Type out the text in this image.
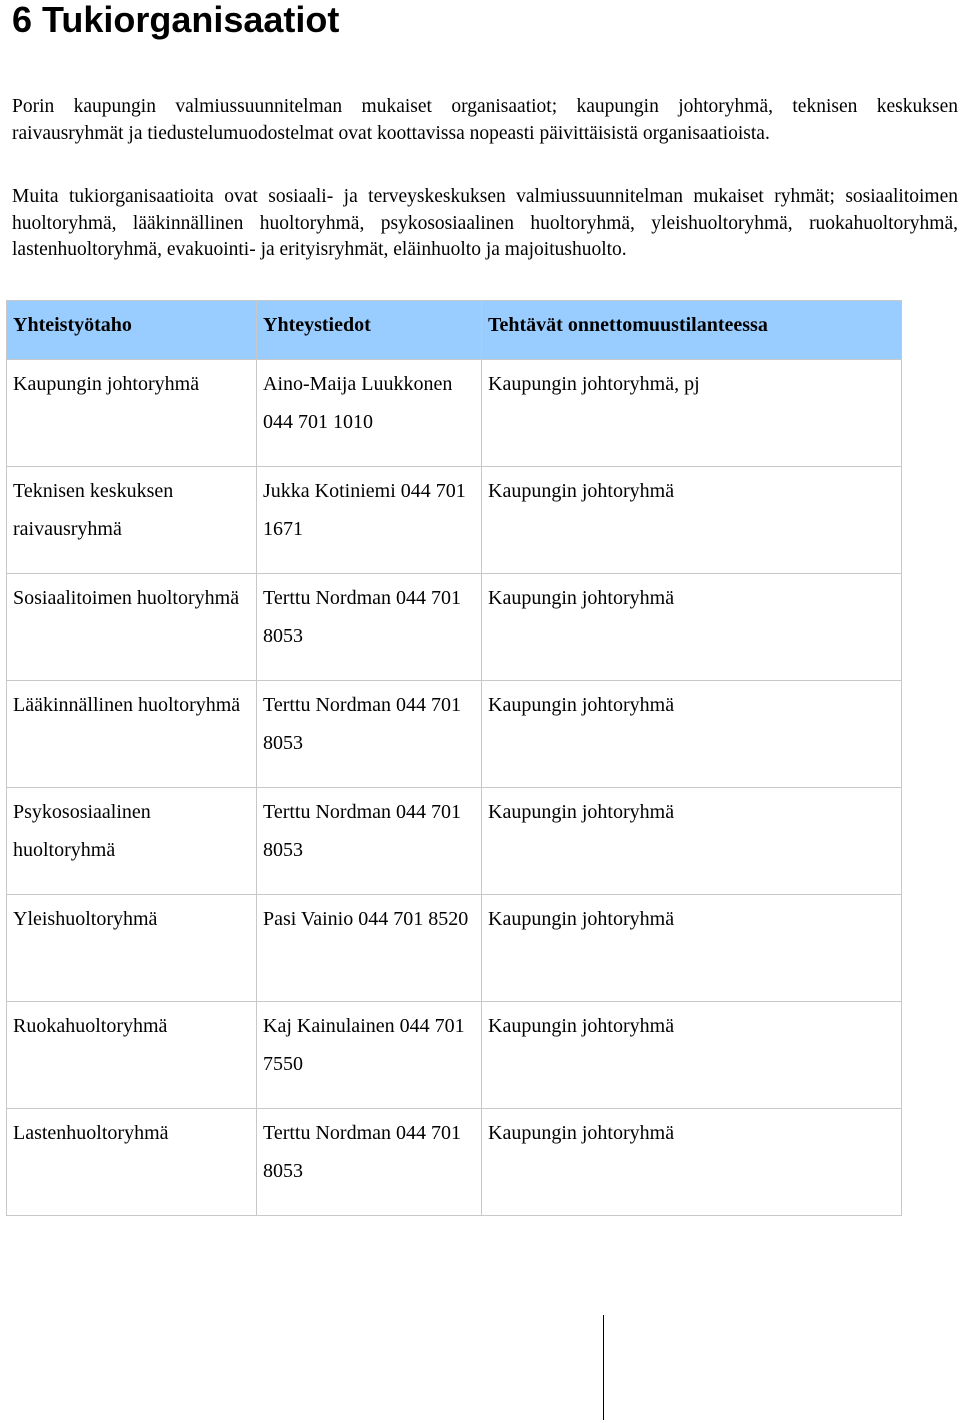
6 Tukiorganisaatiot

Porin kaupungin valmiussuunnitelman mukaiset organisaatiot; kaupungin johtoryhmä, teknisen keskuksen raivausryhmät ja tiedustelumuodostelmat ovat koottavissa nopeasti päivittäisistä organisaatioista.

Muita tukiorganisaatioita ovat sosiaali- ja terveyskeskuksen valmiussuunnitelman mukaiset ryhmät; sosiaalitoimen huoltoryhmä, lääkinnällinen huoltoryhmä, psykososiaalinen huoltoryhmä, yleishuoltoryhmä, ruokahuoltoryhmä, lastenhuoltoryhmä, evakuointi- ja erityisryhmät, eläinhuolto ja majoitushuolto.

Yhteistyötaho	Yhteystiedot	Tehtävät onnettomuustilanteessa

Kaupungin johtoryhmä	Aino-Maija Luukkonen 044 701 1010	Kaupungin johtoryhmä, pj

Teknisen keskuksen raivausryhmä	Jukka Kotiniemi 044 701 1671	Kaupungin johtoryhmä

Sosiaalitoimen huoltoryhmä	Terttu Nordman 044 701 8053	Kaupungin johtoryhmä

Lääkinnällinen huoltoryhmä	Terttu Nordman 044 701 8053	Kaupungin johtoryhmä

Psykososiaalinen huoltoryhmä	Terttu Nordman 044 701 8053	Kaupungin johtoryhmä

Yleishuoltoryhmä	Pasi Vainio 044 701 8520	Kaupungin johtoryhmä

Ruokahuoltoryhmä	Kaj Kainulainen 044 701 7550	Kaupungin johtoryhmä

Lastenhuoltoryhmä	Terttu Nordman 044 701 8053	Kaupungin johtoryhmä
